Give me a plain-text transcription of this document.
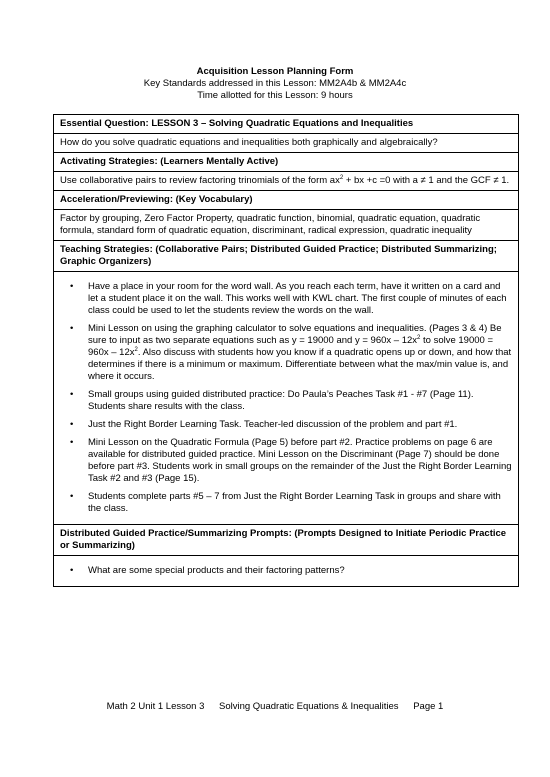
Acquisition Lesson Planning Form
Key Standards addressed in this Lesson: MM2A4b & MM2A4c
Time allotted for this Lesson: 9 hours
Essential Question: LESSON 3 – Solving Quadratic Equations and Inequalities
How do you solve quadratic equations and inequalities both graphically and algebraically?
Activating Strategies: (Learners Mentally Active)
Use collaborative pairs to review factoring trinomials of the form $ax^2$ + bx +c =0 with a ≠ 1 and the GCF ≠ 1.
Acceleration/Previewing: (Key Vocabulary)
Factor by grouping, Zero Factor Property, quadratic function, binomial, quadratic equation, quadratic formula, standard form of quadratic equation, discriminant, radical expression, quadratic inequality
Teaching Strategies: (Collaborative Pairs; Distributed Guided Practice; Distributed Summarizing; Graphic Organizers)

• Have a place in your room for the word wall. As you reach each term, have it written on a card and let a student place it on the wall. This works well with KWL chart. The first couple of minutes of each class could be used to let the students review the words on the wall.
• Mini Lesson on using the graphing calculator to solve equations and inequalities. (Pages 3 & 4) Be sure to input as two separate equations such as y = 19000 and $y = 960x - 12x^2$ to solve $19000 = 960x - 12x^2$. Also discuss with students how you know if a quadratic opens up or down, and how that determines if there is a minimum or maximum. Differentiate between what the max/min value is, and where it occurs.
• Small groups using guided distributed practice: Do Paula’s Peaches Task #1 - #7 (Page 11). Students share results with the class.
• Just the Right Border Learning Task. Teacher-led discussion of the problem and part #1.
• Mini Lesson on the Quadratic Formula (Page 5) before part #2. Practice problems on page 6 are available for distributed guided practice. Mini Lesson on the Discriminant (Page 7) should be done before part #3. Students work in small groups on the remainder of the Just the Right Border Learning Task #2 and #3 (Page 15).
• Students complete parts #5 – 7 from Just the Right Border Learning Task in groups and share with the class.

Distributed Guided Practice/Summarizing Prompts: (Prompts Designed to Initiate Periodic Practice or Summarizing)

• What are some special products and their factoring patterns?
Math 2 Unit 1 Lesson 3 Solving Quadratic Equations & Inequalities Page 1
